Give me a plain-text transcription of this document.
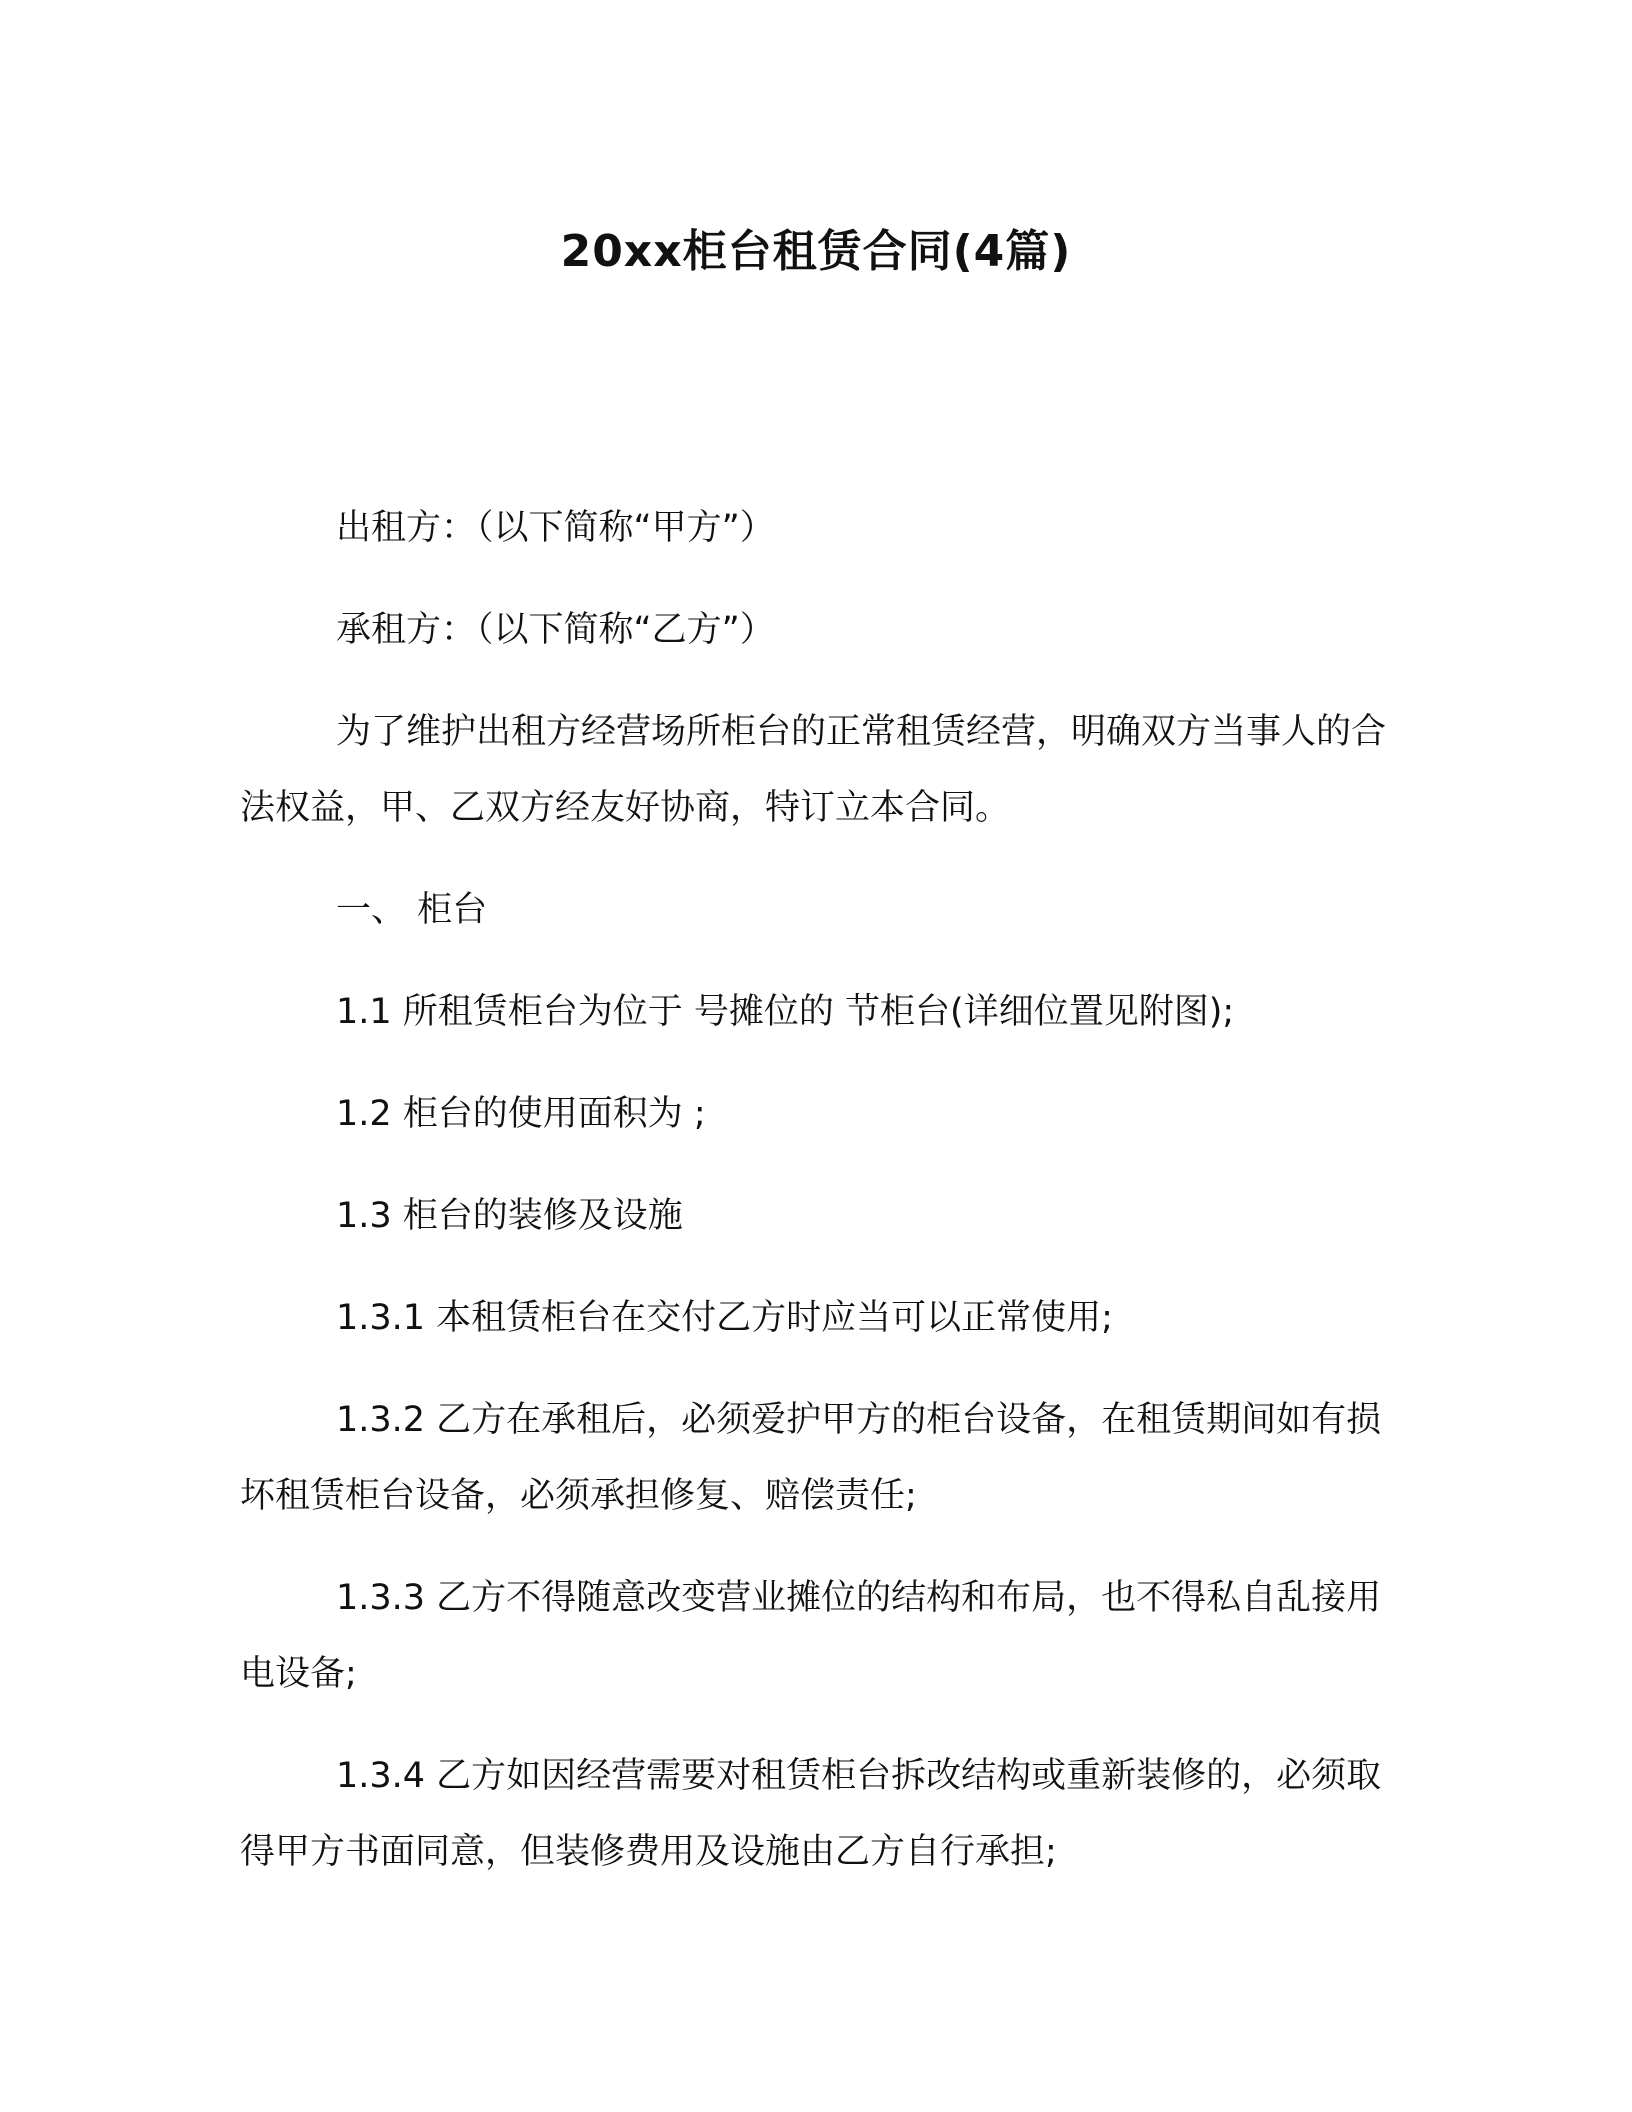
20xx柜台租赁合同(4篇)
出租方：（以下简称“甲方”）
承租方：（以下简称“乙方”）
为了维护出租方经营场所柜台的正常租赁经营，明确双方当事人的合法权益，甲、乙双方经友好协商，特订立本合同。
一、 柜台
1.1 所租赁柜台为位于 号摊位的 节柜台(详细位置见附图);
1.2 柜台的使用面积为 ;
1.3 柜台的装修及设施
1.3.1 本租赁柜台在交付乙方时应当可以正常使用;
1.3.2 乙方在承租后，必须爱护甲方的柜台设备，在租赁期间如有损坏租赁柜台设备，必须承担修复、赔偿责任;
1.3.3 乙方不得随意改变营业摊位的结构和布局，也不得私自乱接用电设备;
1.3.4 乙方如因经营需要对租赁柜台拆改结构或重新装修的，必须取得甲方书面同意，但装修费用及设施由乙方自行承担;
